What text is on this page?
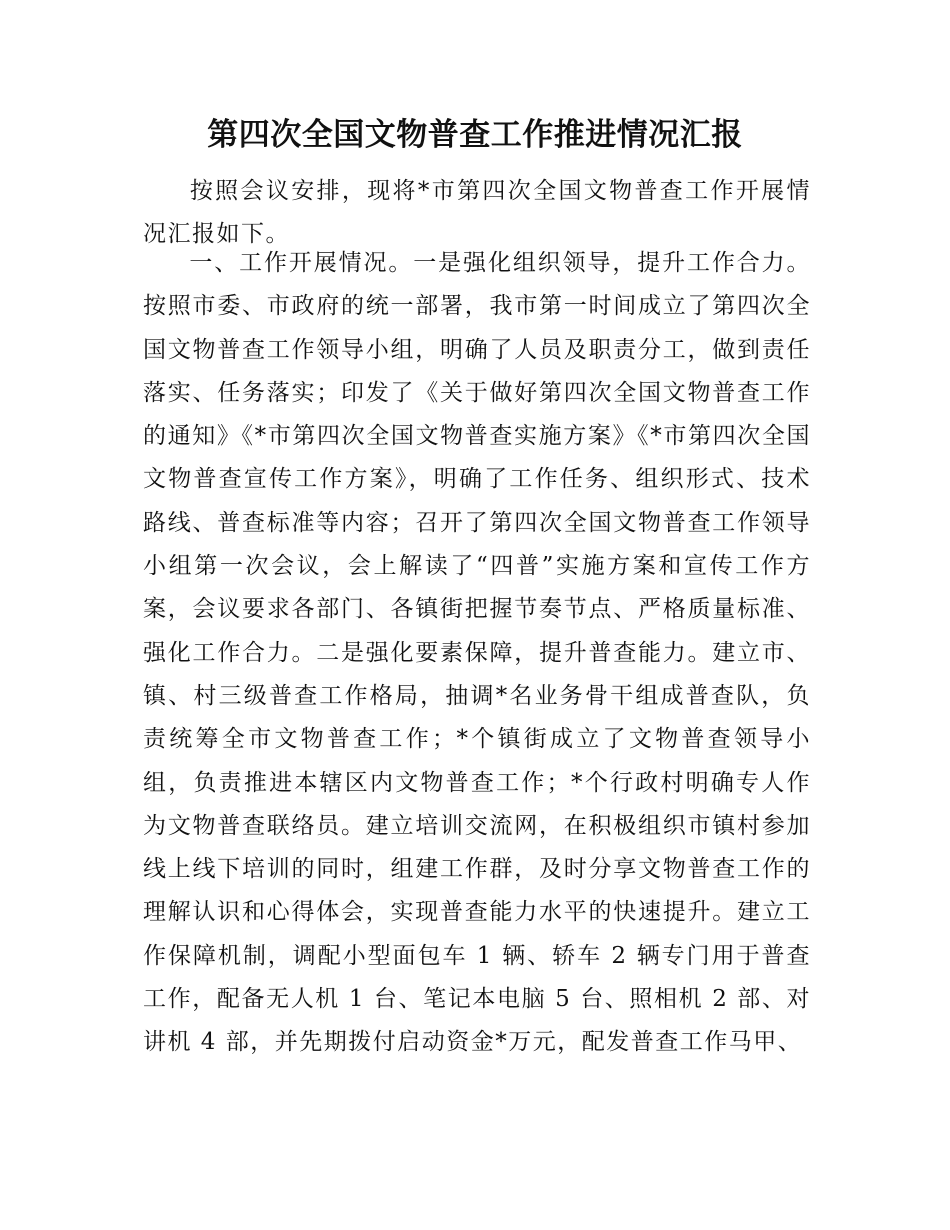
第四次全国文物普查工作推进情况汇报

按照会议安排，现将*市第四次全国文物普查工作开展情况汇报如下。

一、工作开展情况。一是强化组织领导，提升工作合力。按照市委、市政府的统一部署，我市第一时间成立了第四次全国文物普查工作领导小组，明确了人员及职责分工，做到责任落实、任务落实；印发了《关于做好第四次全国文物普查工作的通知》《*市第四次全国文物普查实施方案》《*市第四次全国文物普查宣传工作方案》，明确了工作任务、组织形式、技术路线、普查标准等内容；召开了第四次全国文物普查工作领导小组第一次会议，会上解读了“四普”实施方案和宣传工作方案，会议要求各部门、各镇街把握节奏节点、严格质量标准、强化工作合力。二是强化要素保障，提升普查能力。建立市、镇、村三级普查工作格局，抽调*名业务骨干组成普查队，负责统筹全市文物普查工作；*个镇街成立了文物普查领导小组，负责推进本辖区内文物普查工作；*个行政村明确专人作为文物普查联络员。建立培训交流网，在积极组织市镇村参加线上线下培训的同时，组建工作群，及时分享文物普查工作的理解认识和心得体会，实现普查能力水平的快速提升。建立工作保障机制，调配小型面包车 1 辆、轿车 2 辆专门用于普查工作，配备无人机 1 台、笔记本电脑 5 台、照相机 2 部、对讲机 4 部，并先期拨付启动资金*万元，配发普查工作马甲、
